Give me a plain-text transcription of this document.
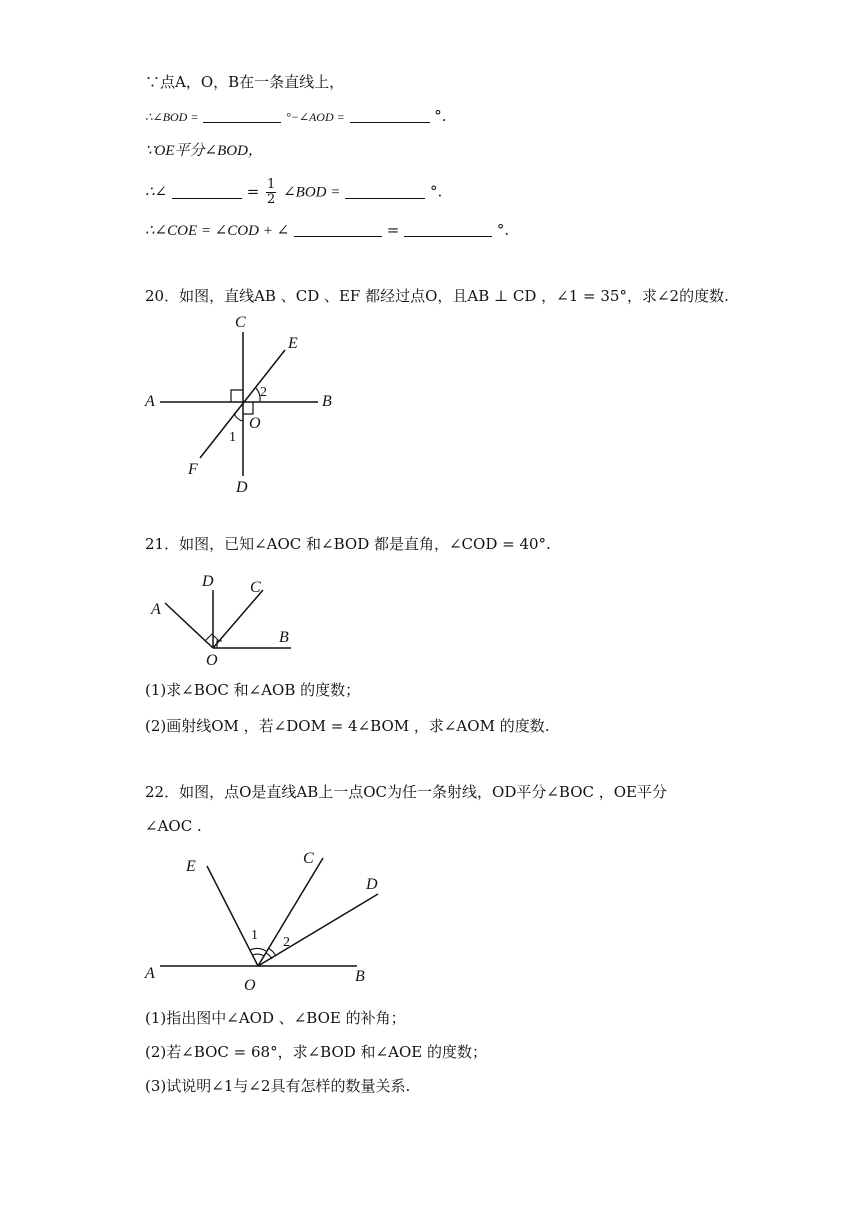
∵点A，O，B在一条直线上，
∴∠BOD =	°−∠AOD =	°.
∵OE平分∠BOD，
∴∠	= $\frac{1}{2}$ ∠BOD =	°.
∴∠COE = ∠COD + ∠	=	°.
20．如图，直线AB 、CD 、EF 都经过点O，且AB ⊥ CD ，∠1 = 35°，求∠2的度数.
C
E
A	B
O
2
1
F
D
21．如图，已知∠AOC 和∠BOD 都是直角，∠COD = 40°.
D C
A
B
O
(1)求∠BOC 和∠AOB 的度数；
(2)画射线OM ，若∠DOM = 4∠BOM ，求∠AOM 的度数.
22．如图，点O是直线AB上一点OC为任一条射线，OD平分∠BOC ，OE平分
∠AOC .
E	C
D
1 2
A	B
O
(1)指出图中∠AOD 、∠BOE 的补角；
(2)若∠BOC = 68°，求∠BOD 和∠AOE 的度数；
(3)试说明∠1与∠2具有怎样的数量关系.
